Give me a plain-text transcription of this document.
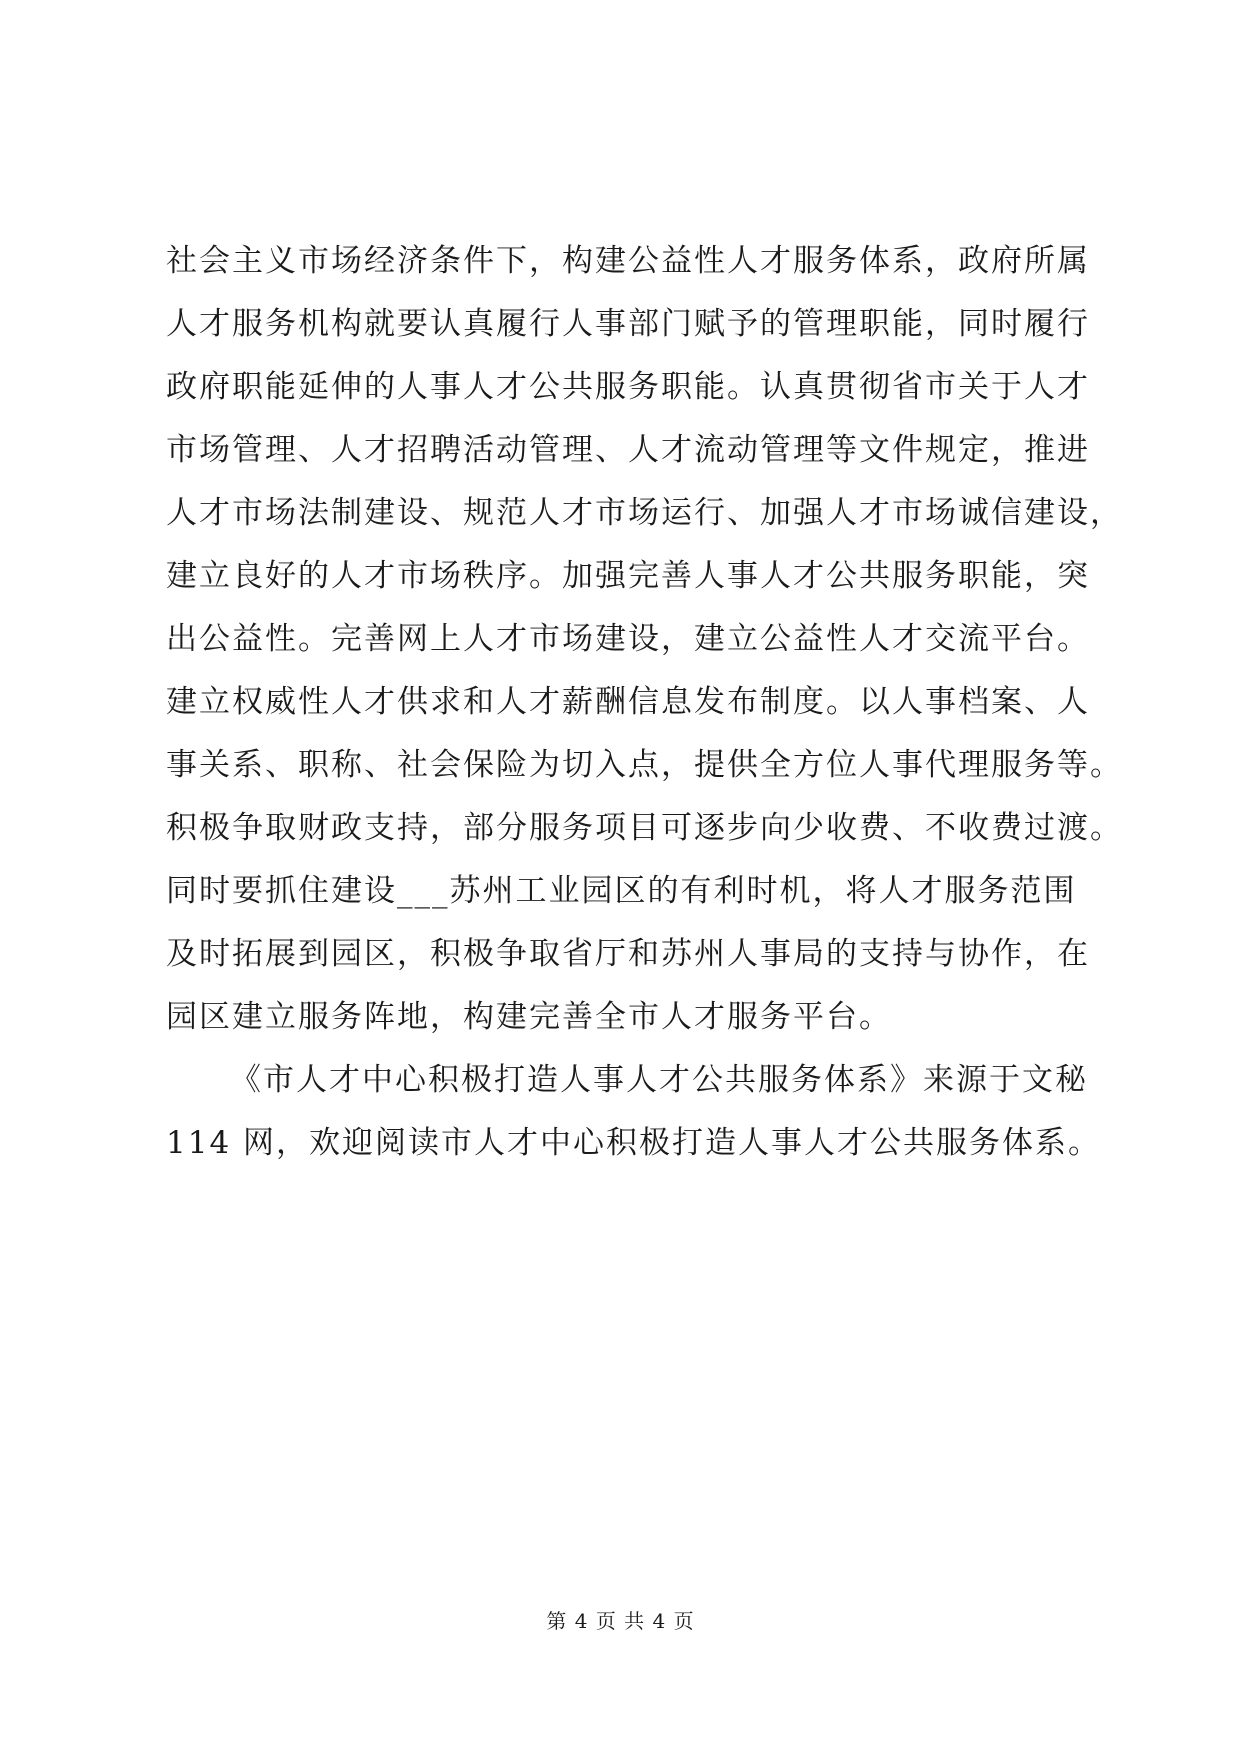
社会主义市场经济条件下，构建公益性人才服务体系，政府所属
人才服务机构就要认真履行人事部门赋予的管理职能，同时履行
政府职能延伸的人事人才公共服务职能。认真贯彻省市关于人才
市场管理、人才招聘活动管理、人才流动管理等文件规定，推进
人才市场法制建设、规范人才市场运行、加强人才市场诚信建设，
建立良好的人才市场秩序。加强完善人事人才公共服务职能，突
出公益性。完善网上人才市场建设，建立公益性人才交流平台。
建立权威性人才供求和人才薪酬信息发布制度。以人事档案、人
事关系、职称、社会保险为切入点，提供全方位人事代理服务等。
积极争取财政支持，部分服务项目可逐步向少收费、不收费过渡。
同时要抓住建设___苏州工业园区的有利时机，将人才服务范围
及时拓展到园区，积极争取省厅和苏州人事局的支持与协作，在
园区建立服务阵地，构建完善全市人才服务平台。
《市人才中心积极打造人事人才公共服务体系》来源于文秘
114 网，欢迎阅读市人才中心积极打造人事人才公共服务体系。
第 4 页 共 4 页
